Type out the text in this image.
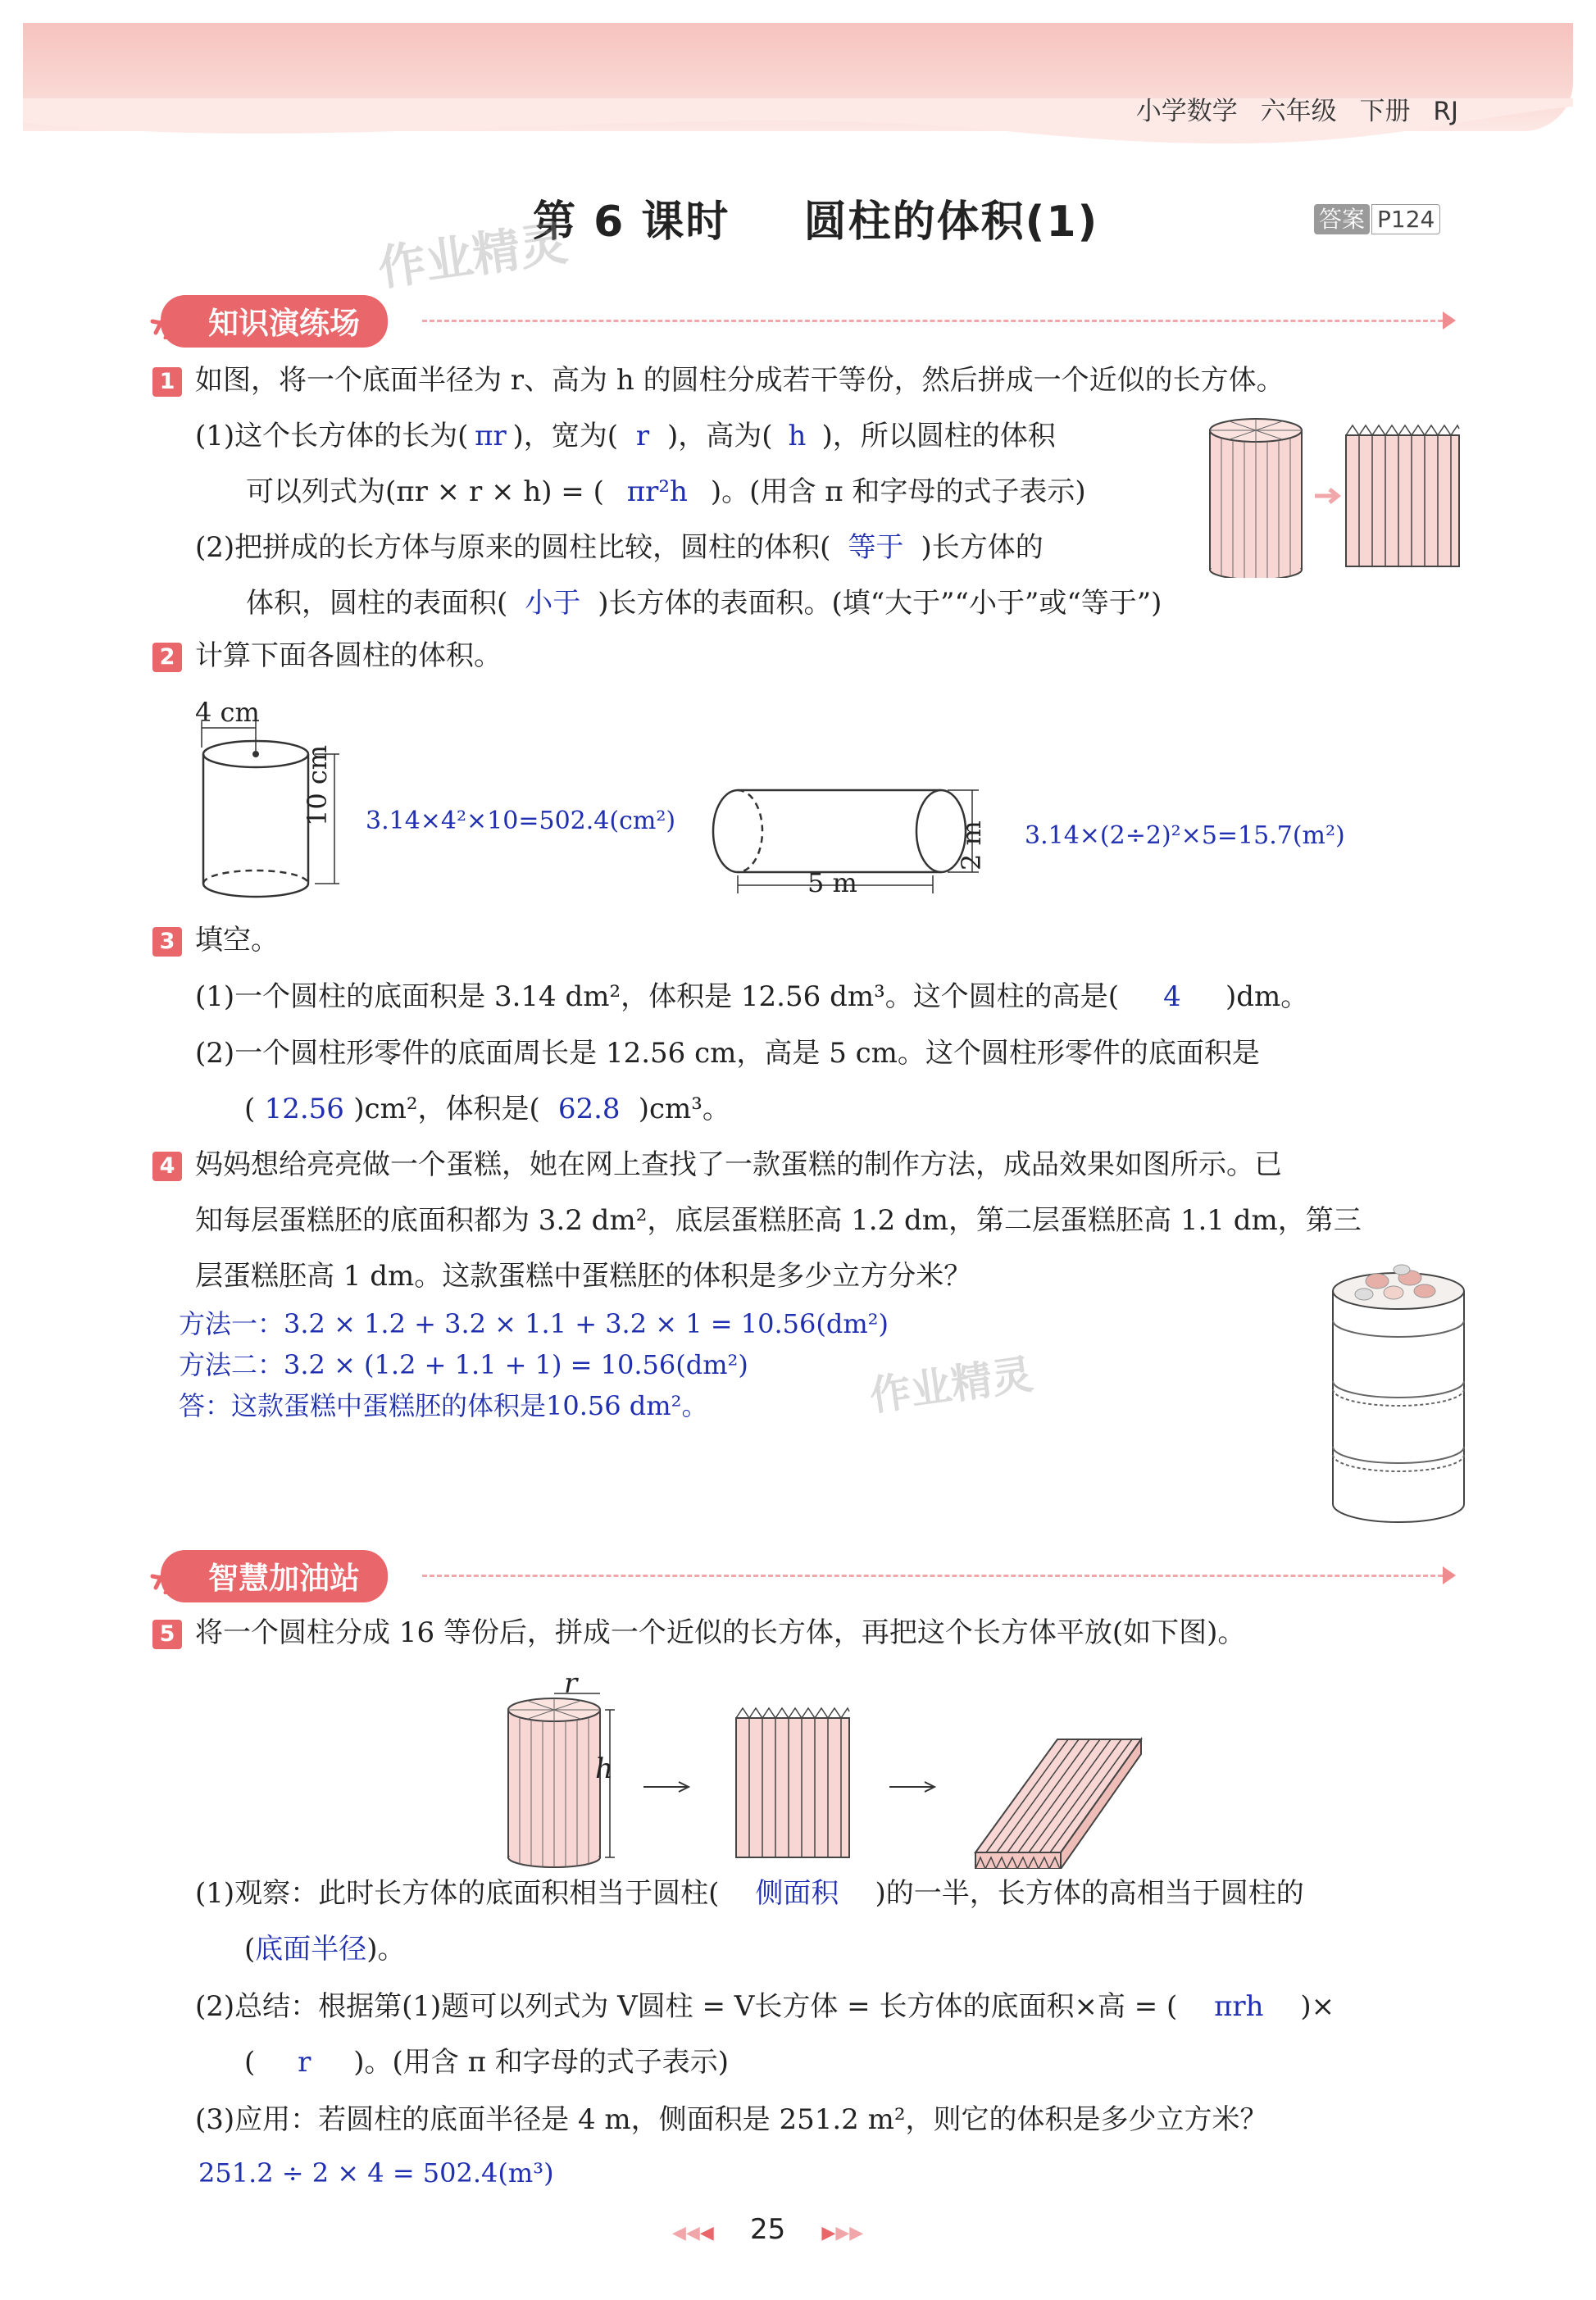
小学数学 六年级 下册 RJ
第 6 课时 圆柱的体积(1)	答案 P124
作业精灵
作业精灵
知识演练场
1 如图，将一个底面半径为 r、高为 h 的圆柱分成若干等份，然后拼成一个近似的长方体。
(1)这个长方体的长为( πr )，宽为( r )，高为( h )，所以圆柱的体积
可以列式为(πr × r × h) = ( πr²h )。(用含 π 和字母的式子表示)
(2)把拼成的长方体与原来的圆柱比较，圆柱的体积( 等于 )长方体的
体积，圆柱的表面积( 小于 )长方体的表面积。(填“大于”“小于”或“等于”)
2 计算下面各圆柱的体积。
4 cm
10 cm 3.14×4²×10=502.4(cm²)
5 m
2 m 3.14×(2÷2)²×5=15.7(m²)
3 填空。
(1)一个圆柱的底面积是 3.14 dm²，体积是 12.56 dm³。这个圆柱的高是( 4 )dm。
(2)一个圆柱形零件的底面周长是 12.56 cm，高是 5 cm。这个圆柱形零件的底面积是
( 12.56 )cm²，体积是( 62.8 )cm³。
4 妈妈想给亮亮做一个蛋糕，她在网上查找了一款蛋糕的制作方法，成品效果如图所示。已
知每层蛋糕胚的底面积都为 3.2 dm²，底层蛋糕胚高 1.2 dm，第二层蛋糕胚高 1.1 dm，第三
层蛋糕胚高 1 dm。这款蛋糕中蛋糕胚的体积是多少立方分米？
方法一：3.2 × 1.2 + 3.2 × 1.1 + 3.2 × 1 = 10.56(dm²)
方法二：3.2 × (1.2 + 1.1 + 1) = 10.56(dm²)
答：这款蛋糕中蛋糕胚的体积是10.56 dm²。
智慧加油站
5 将一个圆柱分成 16 等份后，拼成一个近似的长方体，再把这个长方体平放(如下图)。
r
h
(1)观察：此时长方体的底面积相当于圆柱( 侧面积 )的一半，长方体的高相当于圆柱的
(底面半径)。
(2)总结：根据第(1)题可以列式为 V圆柱 = V长方体 = 长方体的底面积×高 = ( πrh )×
( r )。(用含 π 和字母的式子表示)
(3)应用：若圆柱的底面半径是 4 m，侧面积是 251.2 m²，则它的体积是多少立方米？
251.2 ÷ 2 × 4 = 502.4(m³)
◀◀◀ 25 ▶▶▶
